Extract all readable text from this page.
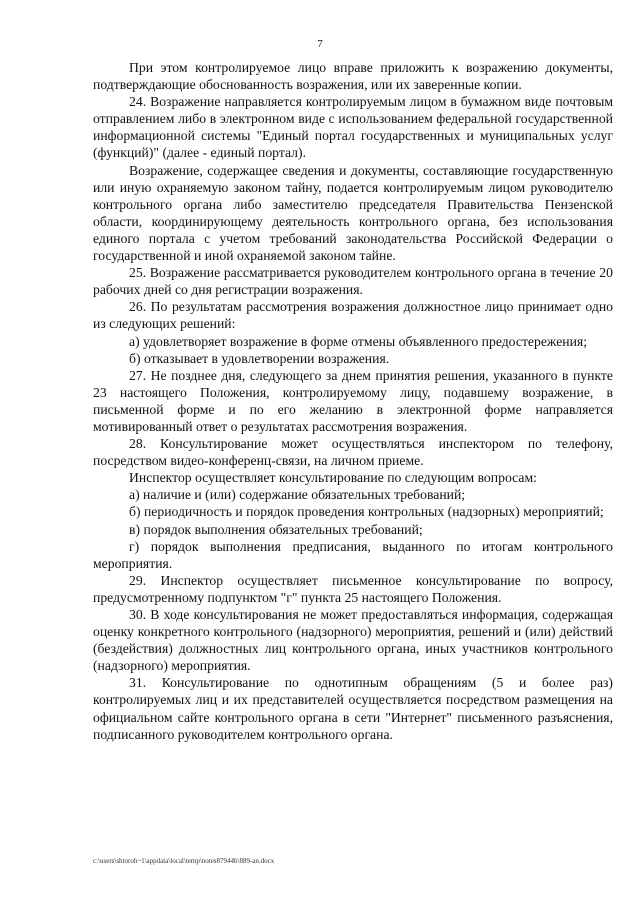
7

При этом контролируемое лицо вправе приложить к возражению документы, подтверждающие обоснованность возражения, или их заверенные копии.

24. Возражение направляется контролируемым лицом в бумажном виде почтовым отправлением либо в электронном виде с использованием федеральной государственной информационной системы "Единый портал государственных и муниципальных услуг (функций)" (далее - единый портал).

Возражение, содержащее сведения и документы, составляющие государственную или иную охраняемую законом тайну, подается контролируемым лицом руководителю контрольного органа либо заместителю председателя Правительства Пензенской области, координирующему деятельность контрольного органа, без использования единого портала с учетом требований законодательства Российской Федерации о государственной и иной охраняемой законом тайне.

25. Возражение рассматривается руководителем контрольного органа в течение 20 рабочих дней со дня регистрации возражения.

26. По результатам рассмотрения возражения должностное лицо принимает одно из следующих решений:

а) удовлетворяет возражение в форме отмены объявленного предостережения;

б) отказывает в удовлетворении возражения.

27. Не позднее дня, следующего за днем принятия решения, указанного в пункте 23 настоящего Положения, контролируемому лицу, подавшему возражение, в письменной форме и по его желанию в электронной форме направляется мотивированный ответ о результатах рассмотрения возражения.

28. Консультирование может осуществляться инспектором по телефону, посредством видео-конференц-связи, на личном приеме.

Инспектор осуществляет консультирование по следующим вопросам:

а) наличие и (или) содержание обязательных требований;

б) периодичность и порядок проведения контрольных (надзорных) мероприятий;

в) порядок выполнения обязательных требований;

г) порядок выполнения предписания, выданного по итогам контрольного мероприятия.

29. Инспектор осуществляет письменное консультирование по вопросу, предусмотренному подпунктом "г" пункта 25 настоящего Положения.

30. В ходе консультирования не может предоставляться информация, содержащая оценку конкретного контрольного (надзорного) мероприятия, решений и (или) действий (бездействия) должностных лиц контрольного органа, иных участников контрольного (надзорного) мероприятия.

31. Консультирование по однотипным обращениям (5 и более раз) контролируемых лиц и их представителей осуществляется посредством размещения на официальном сайте контрольного органа в сети "Интернет" письменного разъяснения, подписанного руководителем контрольного органа.

c:\users\shtoroh~1\appdata\local\temp\notes87944b\889-an.docx
